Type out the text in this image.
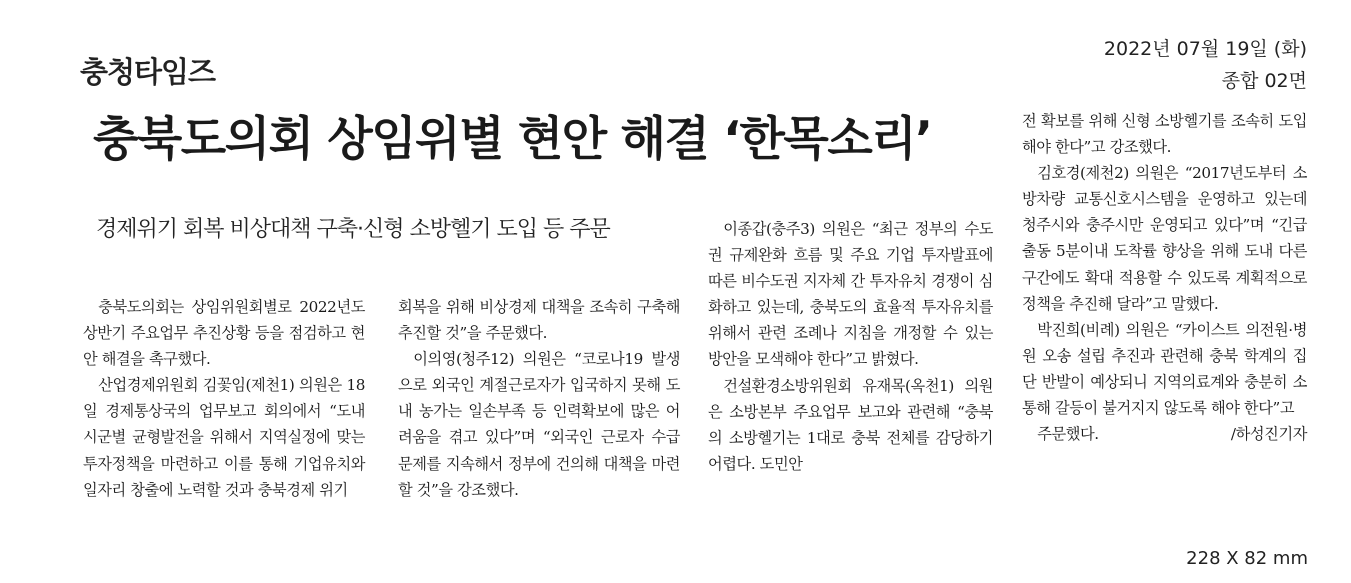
충청타임즈
2022년 07월 19일 (화)
종합 02면
충북도의회 상임위별 현안 해결 ‘한목소리’
경제위기 회복 비상대책 구축·신형 소방헬기 도입 등 주문

충북도의회는 상임위원회별로 2022년도 상반기 주요업무 추진상황 등을 점검하고 현안 해결을 촉구했다.

산업경제위원회 김꽃임(제천1) 의원은 18일 경제통상국의 업무보고 회의에서 “도내 시군별 균형발전을 위해서 지역실정에 맞는 투자정책을 마련하고 이를 통해 기업유치와 일자리 창출에 노력할 것과 충북경제 위기

회복을 위해 비상경제 대책을 조속히 구축해 추진할 것”을 주문했다.

이의영(청주12) 의원은 “코로나19 발생으로 외국인 계절근로자가 입국하지 못해 도내 농가는 일손부족 등 인력확보에 많은 어려움을 겪고 있다”며 “외국인 근로자 수급 문제를 지속해서 정부에 건의해 대책을 마련할 것”을 강조했다.

이종갑(충주3) 의원은 “최근 정부의 수도권 규제완화 흐름 및 주요 기업 투자발표에 따른 비수도권 지자체 간 투자유치 경쟁이 심화하고 있는데, 충북도의 효율적 투자유치를 위해서 관련 조례나 지침을 개정할 수 있는 방안을 모색해야 한다”고 밝혔다.

건설환경소방위원회 유재목(옥천1) 의원은 소방본부 주요업무 보고와 관련해 “충북의 소방헬기는 1대로 충북 전체를 감당하기 어렵다. 도민안

전 확보를 위해 신형 소방헬기를 조속히 도입해야 한다”고 강조했다.

김호경(제천2) 의원은 “2017년도부터 소방차량 교통신호시스템을 운영하고 있는데 청주시와 충주시만 운영되고 있다”며 “긴급출동 5분이내 도착률 향상을 위해 도내 다른 구간에도 확대 적용할 수 있도록 계획적으로 정책을 추진해 달라”고 말했다.

박진희(비례) 의원은 “카이스트 의전원·병원 오송 설립 추진과 관련해 충북 학계의 집단 반발이 예상되니 지역의료계와 충분히 소통해 갈등이 불거지지 않도록 해야 한다”고

주문했다.	/하성진기자

228 X 82 mm
